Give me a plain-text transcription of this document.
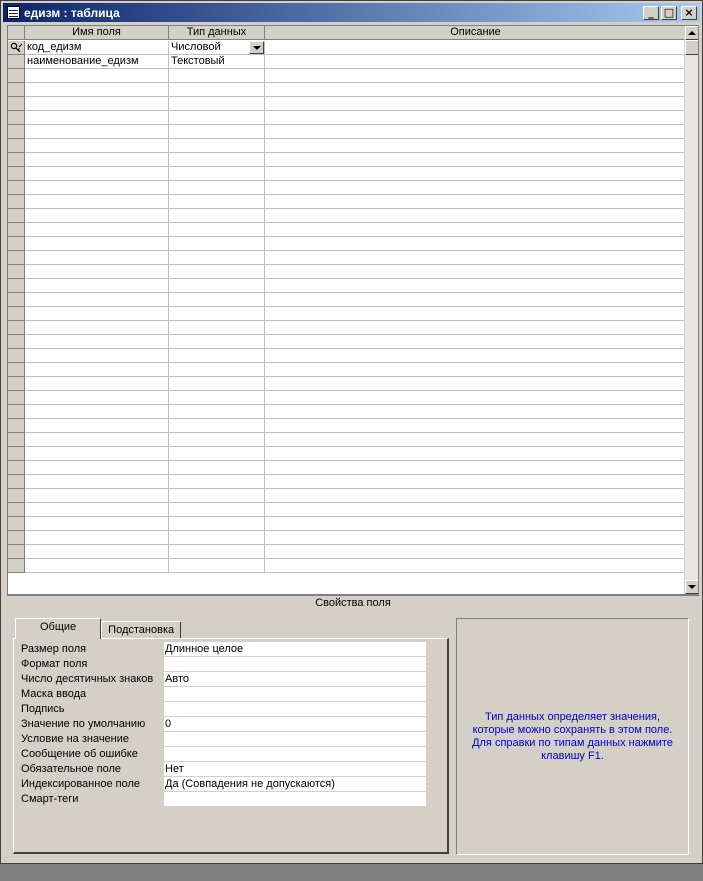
едизм : таблица	_ □ ×
Имя поля	Тип данных	Описание
код_едизм	Числовой
наименование_едизм	Текстовый
Свойства поля
Общие	Подстановка
Размер поля	Длинное целое
Формат поля
Число десятичных знаков	Авто
Маска ввода
Подпись
Значение по умолчанию	0
Условие на значение
Сообщение об ошибке
Обязательное поле	Нет
Индексированное поле	Да (Совпадения не допускаются)
Смарт-теги
Тип данных определяет значения, которые можно сохранять в этом поле. Для справки по типам данных нажмите клавишу F1.
